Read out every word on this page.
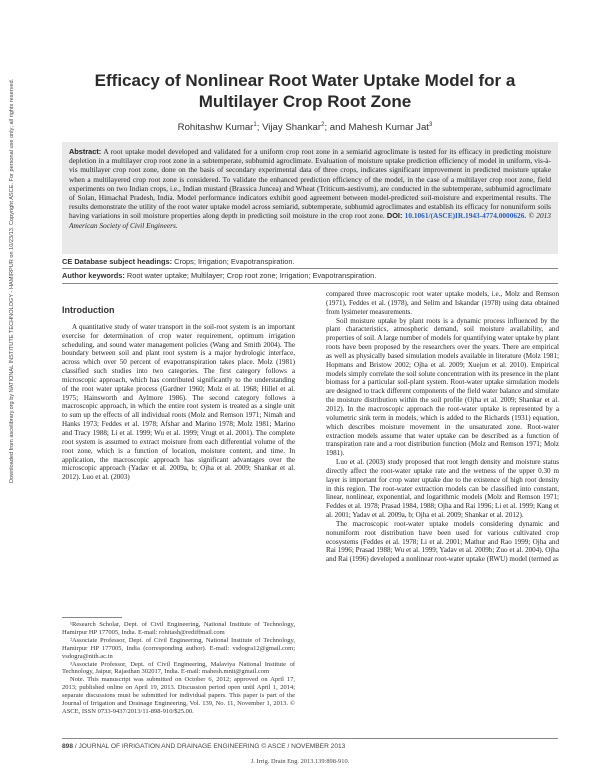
Downloaded from ascelibrary.org by NATIONAL INSTITUTE TECHNOLOGY - HAMIRPUR on 10/23/13. Copyright ASCE. For personal use only; all rights reserved.	Efficacy of Nonlinear Root Water Uptake Model for a Multilayer Crop Root Zone
Rohitashw Kumar$^1$; Vijay Shankar$^2$; and Mahesh Kumar Jat$^3$
Abstract: A root uptake model developed and validated for a uniform crop root zone in a semiarid agroclimate is tested for its efficacy in predicting moisture depletion in a multilayer crop root zone in a subtemperate, subhumid agroclimate. Evaluation of moisture uptake prediction efficiency of model in uniform, vis-à-vis multilayer crop root zone, done on the basis of secondary experimental data of three crops, indicates significant improvement in predicted moisture uptake when a multilayered crop root zone is considered. To validate the enhanced prediction efficiency of the model, in the case of a multilayer crop root zone, field experiments on two Indian crops, i.e., Indian mustard (Brassica Juncea) and Wheat (Triticum-aestivum), are conducted in the subtemperate, subhumid agroclimate of Solan, Himachal Pradesh, India. Model performance indicators exhibit good agreement between model-predicted soil-moisture and experimental results. The results demonstrate the utility of the root water uptake model across semiarid, subtemperate, subhumid agroclimates and establish its efficacy for nonuniform soils having variations in soil moisture properties along depth in predicting soil moisture in the crop root zone. DOI: 10.1061/(ASCE)IR.1943-4774.0000626. © 2013 American Society of Civil Engineers.
CE Database subject headings: Crops; Irrigation; Evapotranspiration.
Author keywords: Root water uptake; Multilayer; Crop root zone; Irrigation; Evapotranspiration.
Introduction

A quantitative study of water transport in the soil-root system is an important exercise for determination of crop water requirement, optimum irrigation scheduling, and sound water management policies (Wang and Smith 2004). The boundary between soil and plant root system is a major hydrologic interface, across which over 50 percent of evapotranspiration takes place. Molz (1981) classified such studies into two categories. The first category follows a microscopic approach, which has contributed significantly to the understanding of the root water uptake process (Gardner 1960; Molz et al. 1968; Hillel et al. 1975; Hainsworth and Aylmore 1986). The second category follows a macroscopic approach, in which the entire root system is treated as a single unit to sum up the effects of all individual roots (Molz and Remson 1971; Nimah and Hanks 1973; Feddes et al. 1978; Afshar and Marino 1978; Molz 1981; Marino and Tracy 1988; Li et al. 1999; Wu et al. 1999; Vrugt et al. 2001). The complete root system is assumed to extract moisture from each differential volume of the root zone, which is a function of location, moisture content, and time. In application, the macroscopic approach has significant advantages over the microscopic approach (Yadav et al. 2009a, b; Ojha et al. 2009; Shankar et al. 2012). Luo et al. (2003)

compared three macroscopic root water uptake models, i.e., Molz and Remson (1971), Feddes et al. (1978), and Selim and Iskandar (1978) using data obtained from lysimeter measurements.

Soil moisture uptake by plant roots is a dynamic process influenced by the plant characteristics, atmospheric demand, soil moisture availability, and properties of soil. A large number of models for quantifying water uptake by plant roots have been proposed by the researchers over the years. There are empirical as well as physically based simulation models available in literature (Molz 1981; Hopmans and Bristow 2002; Ojha et al. 2009; Xuejun et al. 2010). Empirical models simply correlate the soil solute concentration with its presence in the plant biomass for a particular soil-plant system. Root-water uptake simulation models are designed to track different components of the field water balance and simulate the moisture distribution within the soil profile (Ojha et al. 2009; Shankar et al. 2012). In the macroscopic approach the root-water uptake is represented by a volumetric sink term in models, which is added to the Richards (1931) equation, which describes moisture movement in the unsaturated zone. Root-water extraction models assume that water uptake can be described as a function of transpiration rate and a root distribution function (Molz and Remson 1971; Molz 1981).

Luo et al. (2003) study proposed that root length density and moisture status directly affect the root-water uptake rate and the wetness of the upper 0.30 m layer is important for crop water uptake due to the existence of high root density in this region. The root-water extraction models can be classified into constant, linear, nonlinear, exponential, and logarithmic models (Molz and Remson 1971; Feddes et al. 1978; Prasad 1984, 1988; Ojha and Rai 1996; Li et al. 1999; Kang et al. 2001; Yadav et al. 2009a, b; Ojha et al. 2009; Shankar et al. 2012).

The macroscopic root-water uptake models considering dynamic and nonuniform root distribution have been used for various cultivated crop ecosystems (Feddes et al. 1978; Li et al. 2001; Mathur and Rao 1999; Ojha and Rai 1996; Prasad 1988; Wu et al. 1999; Yadav et al. 2009b; Zuo et al. 2004). Ojha and Rai (1996) developed a nonlinear root-water uptake (RWU) model (termed as

¹Research Scholar, Dept. of Civil Engineering, National Institute of Technology, Hamirpur HP 177005, India. E-mail: rohitash@rediffmail.com

²Associate Professor, Dept. of Civil Engineering, National Institute of Technology, Hamirpur HP 177005, India (corresponding author). E-mail: vsdogra12@gmail.com; vsdogra@nith.ac.in

³Associate Professor, Dept. of Civil Engineering, Malaviya National Institute of Technology, Jaipur, Rajasthan 302017, India. E-mail: mahesh.mnit@gmail.com

Note. This manuscript was submitted on October 6, 2012; approved on April 17, 2013; published online on April 19, 2013. Discussion period open until April 1, 2014; separate discussions must be submitted for individual papers. This paper is part of the Journal of Irrigation and Drainage Engineering, Vol. 139, No. 11, November 1, 2013. © ASCE, ISSN 0733-9437/2013/11-898-910/$25.00.

898 / JOURNAL OF IRRIGATION AND DRAINAGE ENGINEERING © ASCE / NOVEMBER 2013
J. Irrig. Drain Eng. 2013.139:898-910.
